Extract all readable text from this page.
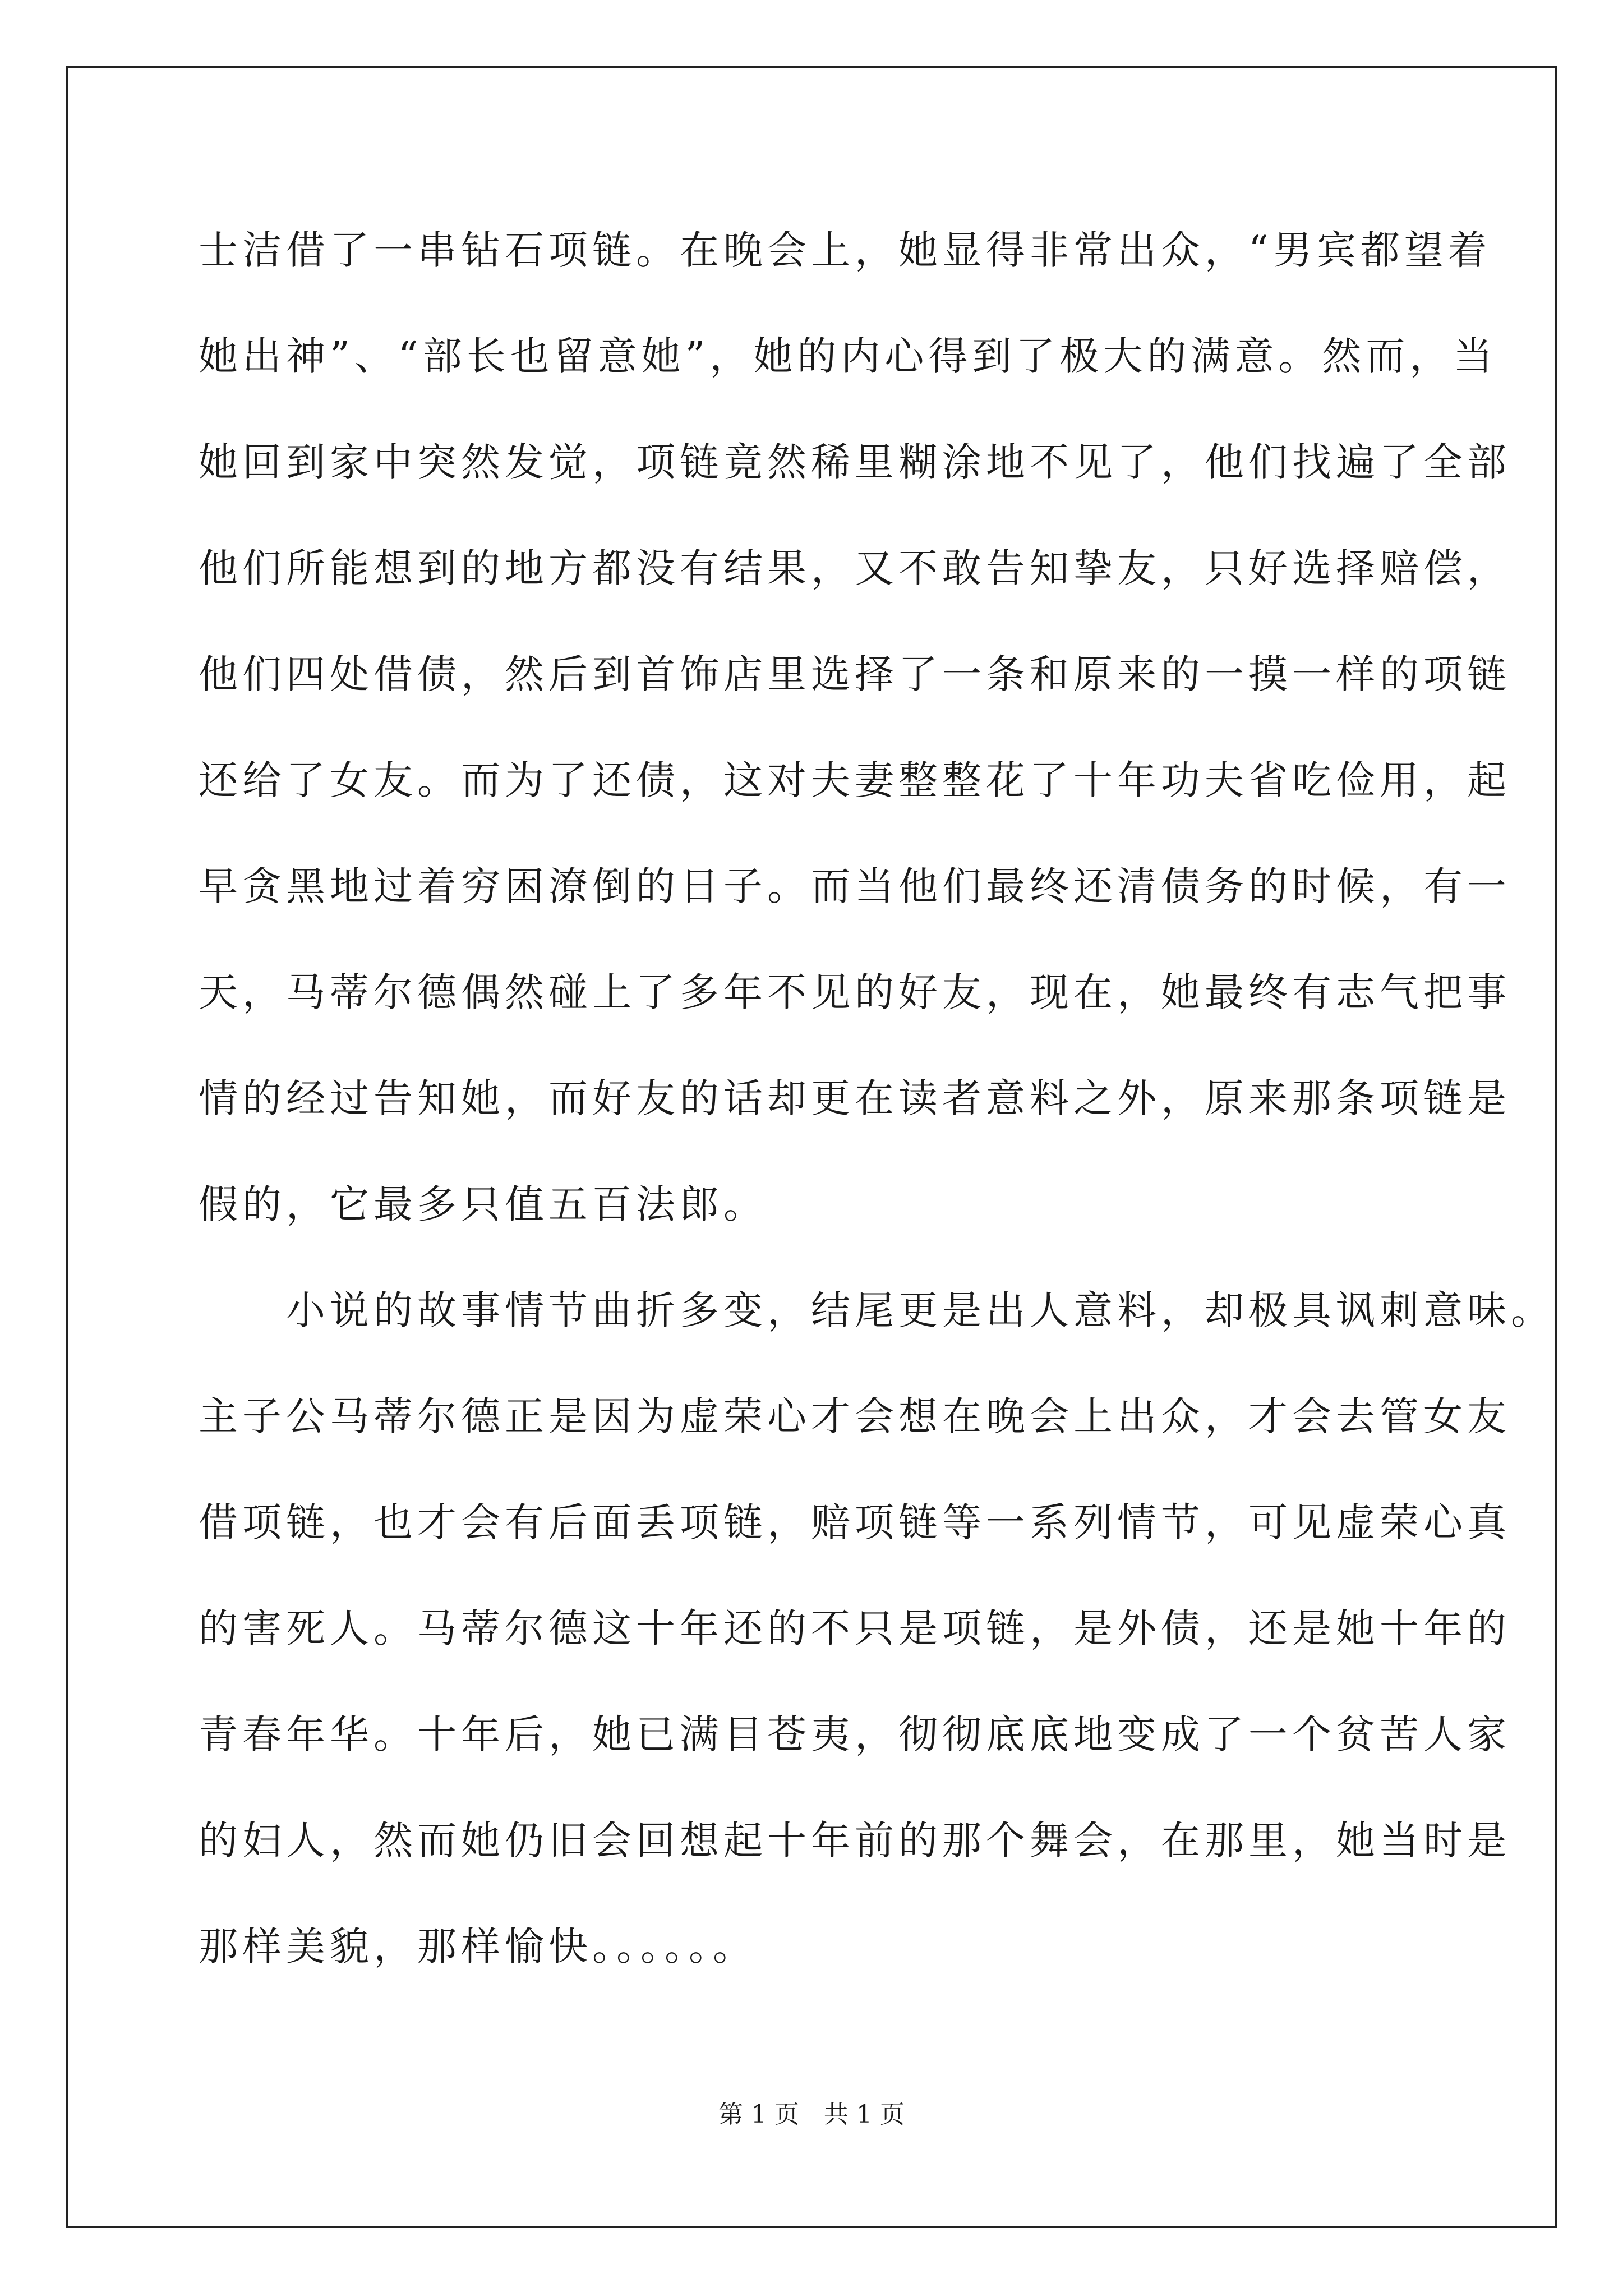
士洁借了一串钻石项链。在晚会上，她显得非常出众，“男宾都望着
她出神”、“部长也留意她”，她的内心得到了极大的满意。然而，当
她回到家中突然发觉，项链竟然稀里糊涂地不见了，他们找遍了全部
他们所能想到的地方都没有结果，又不敢告知挚友，只好选择赔偿，
他们四处借债，然后到首饰店里选择了一条和原来的一摸一样的项链
还给了女友。而为了还债，这对夫妻整整花了十年功夫省吃俭用，起
早贪黑地过着穷困潦倒的日子。而当他们最终还清债务的时候，有一
天，马蒂尔德偶然碰上了多年不见的好友，现在，她最终有志气把事
情的经过告知她，而好友的话却更在读者意料之外，原来那条项链是
假的，它最多只值五百法郎。
　　小说的故事情节曲折多变，结尾更是出人意料，却极具讽刺意味。
主子公马蒂尔德正是因为虚荣心才会想在晚会上出众，才会去管女友
借项链，也才会有后面丢项链，赔项链等一系列情节，可见虚荣心真
的害死人。马蒂尔德这十年还的不只是项链，是外债，还是她十年的
青春年华。十年后，她已满目苍夷，彻彻底底地变成了一个贫苦人家
的妇人，然而她仍旧会回想起十年前的那个舞会，在那里，她当时是
那样美貌，那样愉快。。。。。。
第 1 页　共 1 页
